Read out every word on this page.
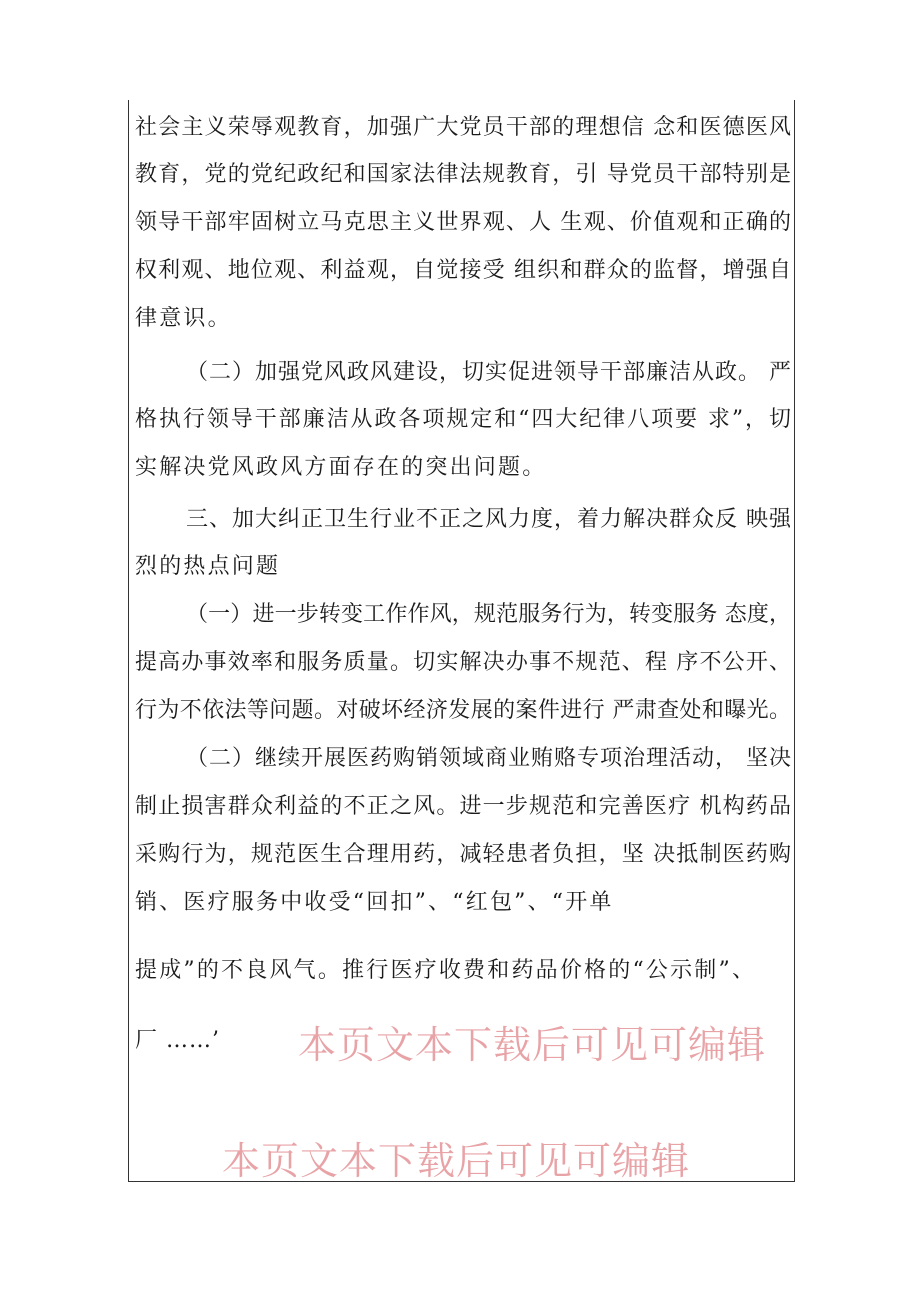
社会主义荣辱观教育，加强广大党员干部的理想信 念和医德医风
教育，党的党纪政纪和国家法律法规教育，引 导党员干部特别是
领导干部牢固树立马克思主义世界观、人 生观、价值观和正确的
权利观、地位观、利益观，自觉接受 组织和群众的监督，增强自
律意识。
（二）加强党风政风建设，切实促进领导干部廉洁从政。 严
格执行领导干部廉洁从政各项规定和“四大纪律八项要 求”，切
实解决党风政风方面存在的突出问题。
三、加大纠正卫生行业不正之风力度，着力解决群众反 映强
烈的热点问题
（一）进一步转变工作作风，规范服务行为，转变服务 态度，
提高办事效率和服务质量。切实解决办事不规范、程 序不公开、
行为不依法等问题。对破坏经济发展的案件进行 严肃查处和曝光。
（二）继续开展医药购销领域商业贿赂专项治理活动， 坚决
制止损害群众利益的不正之风。进一步规范和完善医疗 机构药品
采购行为，规范医生合理用药，减轻患者负担，坚 决抵制医药购
销、医疗服务中收受“回扣”、“红包”、“开单
提成”的不良风气。推行医疗收费和药品价格的“公示制”、
厂 ……’	本页文本下载后可见可编辑
本页文本下载后可见可编辑
